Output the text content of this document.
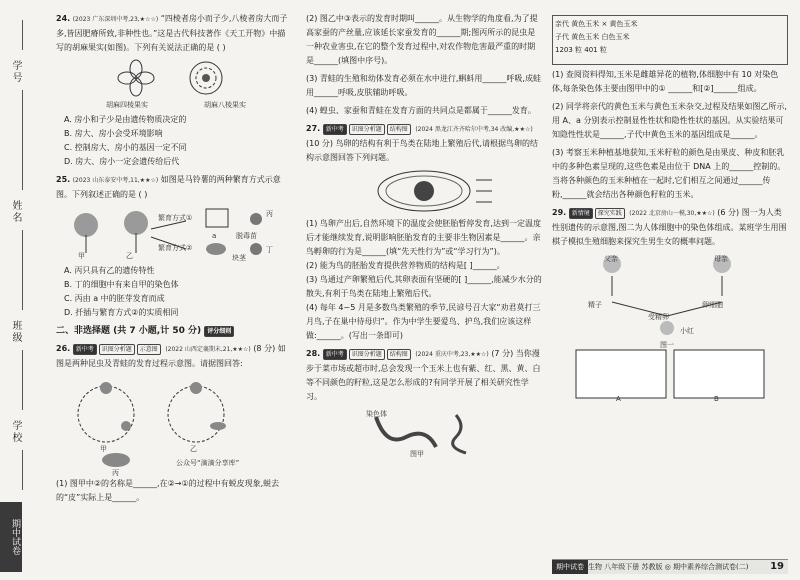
学号
姓名
班级
学校
期中试卷
24. (2023 广东深圳中考,23,★☆☆) “四棱者房小而子少,八棱者房大而子多,皆因肥瘠所致,非种性也。”这是古代科技著作《天工开物》中描写的胡麻果实(如图)。下列有关说法正确的是 ( )
胡麻四棱果实	胡麻八棱果实
A. 房小和子少是由遗传物质决定的
B. 房大、房小会受环境影响
C. 控制房大、房小的基因一定不同
D. 房大、房小一定会遗传给后代
25. (2023 山东泰安中考,11,★★☆) 如图是马铃薯的两种繁育方式示意图。下列叙述正确的是 ( )
甲	乙
丙
丁
繁育方式①
繁育方式②
a	脱毒苗
块茎
A. 丙只具有乙的遗传特性
B. 丁的细胞中有来自甲的染色体
C. 丙由 a 中的胚芽发育而成
D. 扦插与繁育方式②的实质相同
二、非选择题 (共 7 小题,计 50 分) 评分细则
26. 新中考 识图分析题 示意图 (2022 山西定襄期末,21,★★☆) (8 分) 如图是两种昆虫及青蛙的发育过程示意图。请据图回答:
甲	乙
丙
公众号“滴滴分享库”
(1) 图甲中②的名称是______,在②→①的过程中有蜕皮现象,蜕去的“皮”实际上是______。
(2) 图乙中③表示的发育时期叫______。从生物学的角度看,为了提高家蚕的产丝量,应该延长家蚕发育的______期;图丙所示的昆虫是一种农业害虫,在它的整个发育过程中,对农作物危害最严重的时期是______(填图中序号)。
(3) 青蛙的生殖和幼体发育必须在水中进行,蝌蚪用______呼吸,成蛙用______呼吸,皮肤辅助呼吸。
(4) 蝗虫、家蚕和青蛙在发育方面的共同点是都属于______发育。
27. 新中考 识图分析题 结构图 (2024 黑龙江齐齐哈尔中考,34 改编,★★☆) (10 分) 鸟卵的结构有利于鸟类在陆地上繁殖后代,请根据鸟卵的结构示意图回答下列问题。
(1) 鸟卵产出后,自然环境下的温度会使胚胎暂停发育,达到一定温度后才能继续发育,说明影响胚胎发育的主要非生物因素是______。亲鸟孵卵的行为是______(填“先天性行为”或“学习行为”)。
(2) 能为鸟的胚胎发育提供营养物质的结构是[ ]______。
(3) 鸟通过产卵繁殖后代,其卵表面有坚硬的[ ]______,能减少水分的散失,有利于鸟类在陆地上繁殖后代。
(4) 每年 4~5 月是多数鸟类繁殖的季节,民谚号召大家“劝君莫打三月鸟,子在巢中待母归”。作为中学生要爱鸟、护鸟,我们应该这样做:______。(写出一条即可)
28. 新中考 识图分析题 结构图 (2024 重庆中考,23,★★☆) (7 分) 当你漫步于菜市场或超市时,总会发现一个玉米上也有紫、红、黑、黄、白等不同颜色的籽粒,这是怎么形成的?有同学开展了相关研究性学习。
染色体
图甲
亲代 黄色玉米 × 黄色玉米
子代 黄色玉米 白色玉米
1203 粒 401 粒
(1) 查阅资料得知,玉米是雌雄异花的植物,体细胞中有 10 对染色体,每条染色体主要由图甲中的① ______和[②]______组成。
(2) 同学将亲代的黄色玉米与黄色玉米杂交,过程及结果如图乙所示,用 A、a 分别表示控制显性性状和隐性性状的基因。从实验结果可知隐性性状是______,子代中黄色玉米的基因组成是______。
(3) 考察玉米种植基地获知,玉米籽粒的颜色是由果皮、种皮和胚乳中的多种色素呈现的,这些色素是由位于 DNA 上的______控制的。当将各种颜色的玉米种植在一起时,它们相互之间通过______传粉,______就会结出各种颜色籽粒的玉米。
29. 新情境 探究实践 (2022 北京房山一模,30,★★☆) (6 分) 图一为人类性别遗传的示意图,图二为人体细胞中的染色体组成。某班学生用围棋子模拟生殖细胞来探究生男生女的概率问题。
父亲	母亲
精子	卵细胞
受精卵
小红
图一
A	B
期中试卷 生物 八年级下册 苏教版 ◎ 期中素养综合测试卷(二) 19
